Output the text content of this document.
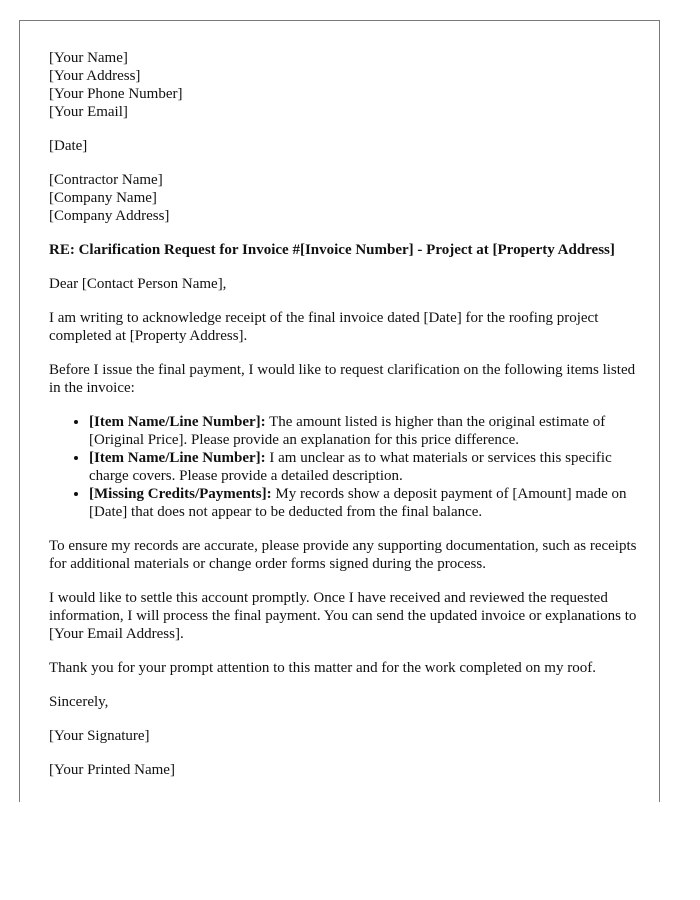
[Your Name]
[Your Address]
[Your Phone Number]
[Your Email]
[Date]
[Contractor Name]
[Company Name]
[Company Address]
RE: Clarification Request for Invoice #[Invoice Number] - Project at [Property Address]

Dear [Contact Person Name],

I am writing to acknowledge receipt of the final invoice dated [Date] for the roofing project completed at [Property Address].

Before I issue the final payment, I would like to request clarification on the following items listed in the invoice:

• [Item Name/Line Number]: The amount listed is higher than the original estimate of [Original Price]. Please provide an explanation for this price difference.
• [Item Name/Line Number]: I am unclear as to what materials or services this specific charge covers. Please provide a detailed description.
• [Missing Credits/Payments]: My records show a deposit payment of [Amount] made on [Date] that does not appear to be deducted from the final balance.

To ensure my records are accurate, please provide any supporting documentation, such as receipts for additional materials or change order forms signed during the process.

I would like to settle this account promptly. Once I have received and reviewed the requested information, I will process the final payment. You can send the updated invoice or explanations to [Your Email Address].

Thank you for your prompt attention to this matter and for the work completed on my roof.

Sincerely,

[Your Signature]

[Your Printed Name]
